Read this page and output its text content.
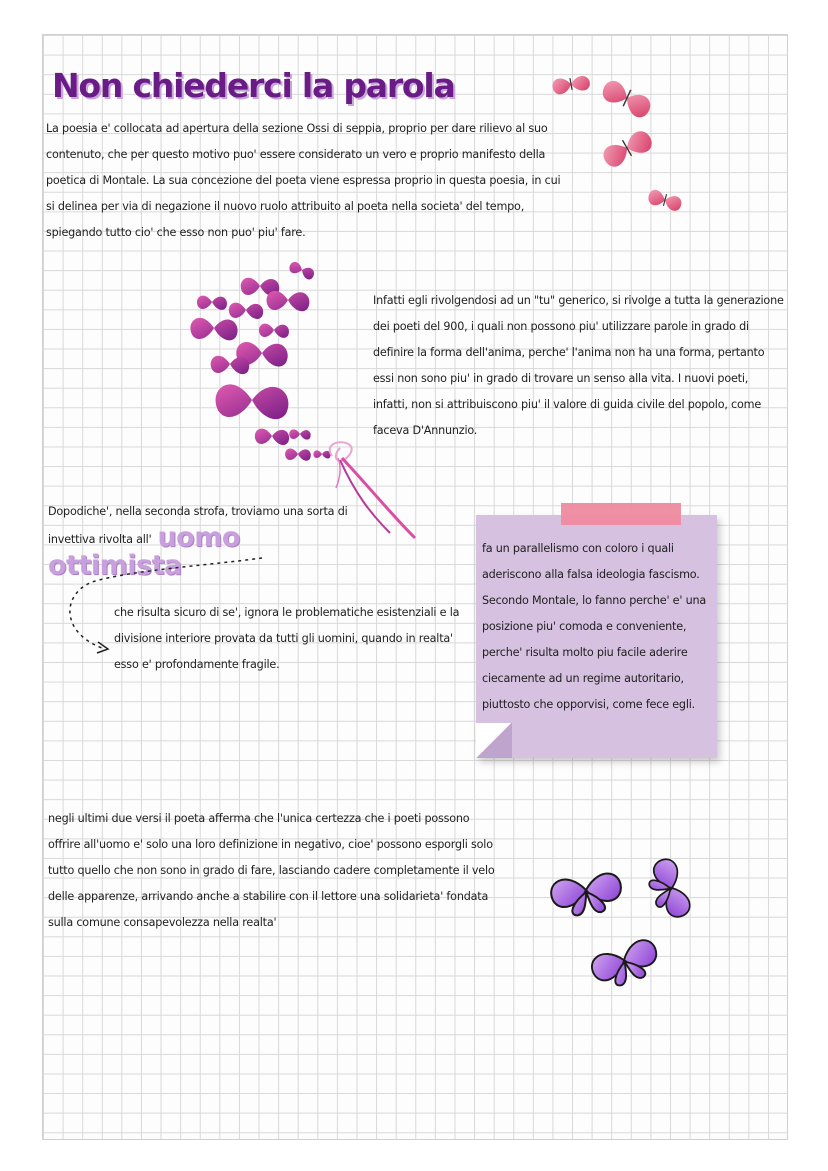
Non chiederci la parola

La poesia e' collocata ad apertura della sezione Ossi di seppia, proprio per dare rilievo al suo contenuto, che per questo motivo puo' essere considerato un vero e proprio manifesto della poetica di Montale. La sua concezione del poeta viene espressa proprio in questa poesia, in cui si delinea per via di negazione il nuovo ruolo attribuito al poeta nella societa' del tempo, spiegando tutto cio' che esso non puo' piu' fare.

Infatti egli rivolgendosi ad un "tu" generico, si rivolge a tutta la generazione dei poeti del 900, i quali non possono piu' utilizzare parole in grado di definire la forma dell'anima, perche' l'anima non ha una forma, pertanto essi non sono piu' in grado di trovare un senso alla vita. I nuovi poeti, infatti, non si attribuiscono piu' il valore di guida civile del popolo, come faceva D'Annunzio.

Dopodiche', nella seconda strofa, troviamo una sorta di invettiva rivolta all' uomo ottimista

che risulta sicuro di se', ignora le problematiche esistenziali e la divisione interiore provata da tutti gli uomini, quando in realta' esso e' profondamente fragile.

fa un parallelismo con coloro i quali aderiscono alla falsa ideologia fascismo. Secondo Montale, lo fanno perche' e' una posizione piu' comoda e conveniente, perche' risulta molto piu facile aderire ciecamente ad un regime autoritario, piuttosto che opporvisi, come fece egli.

negli ultimi due versi il poeta afferma che l'unica certezza che i poeti possono offrire all'uomo e' solo una loro definizione in negativo, cioe' possono esporgli solo tutto quello che non sono in grado di fare, lasciando cadere completamente il velo delle apparenze, arrivando anche a stabilire con il lettore una solidarieta' fondata sulla comune consapevolezza nella realta'
